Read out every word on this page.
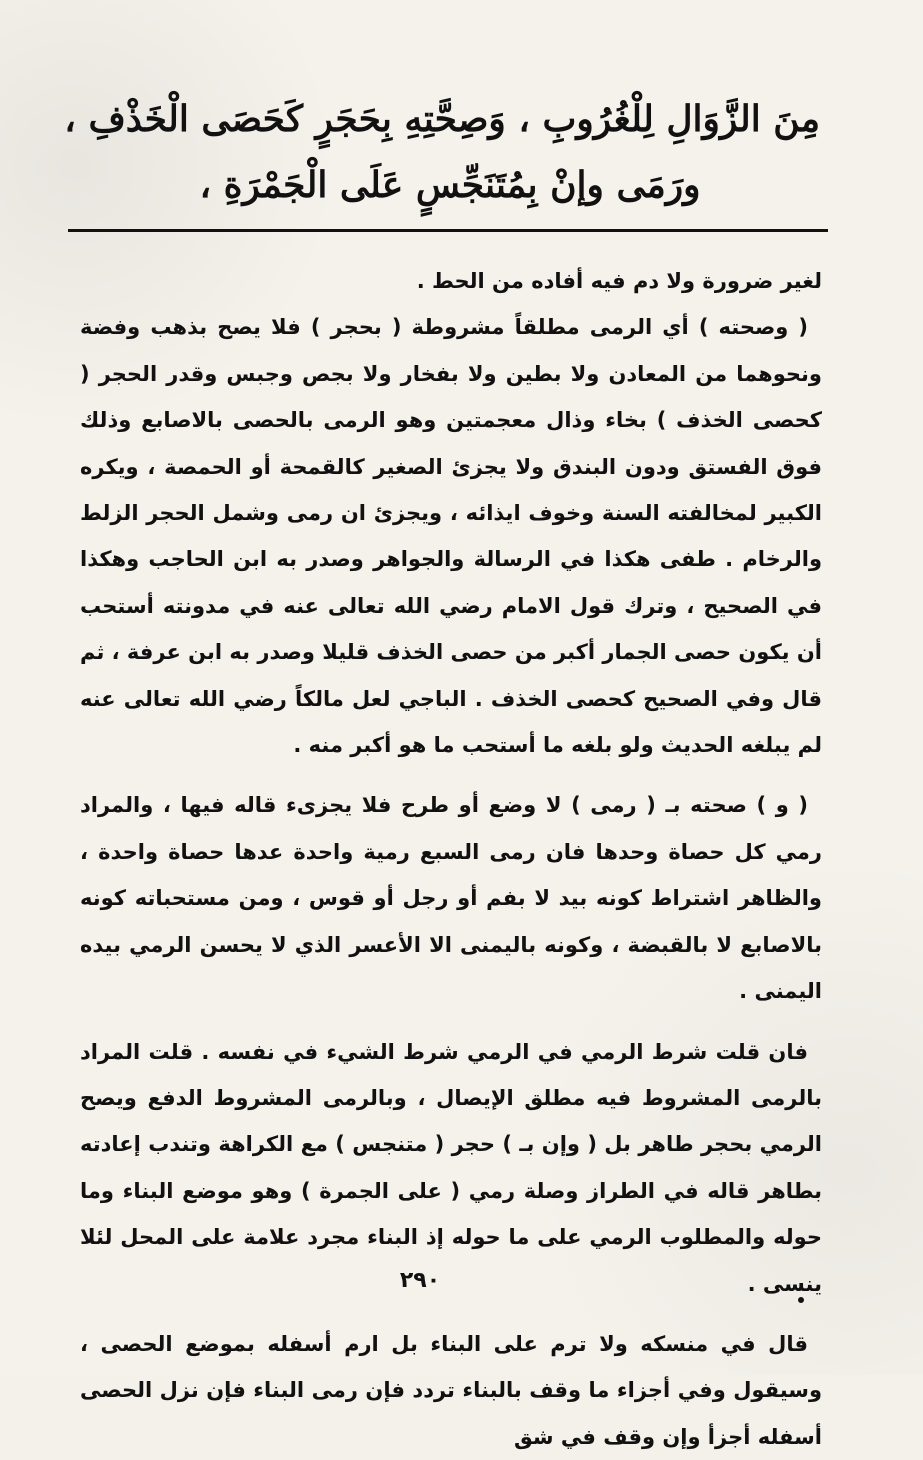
مِنَ الزَّوَالِ لِلْغُرُوبِ ، وَصِحَّتِهِ بِحَجَرٍ كَحَصَى الْخَذْفِ ،
ورَمَى وإنْ بِمُتَنَجِّسٍ عَلَى الْجَمْرَةِ ،

لغير ضرورة ولا دم فيه أفاده من الحط .

( وصحته ) أي الرمى مطلقاً مشروطة ( بحجر ) فلا يصح بذهب وفضة ونحوهما من المعادن ولا بطين ولا بفخار ولا بجص وجبس وقدر الحجر ( كحصى الخذف ) بخاء وذال معجمتين وهو الرمى بالحصى بالاصابع وذلك فوق الفستق ودون البندق ولا يجزئ الصغير كالقمحة أو الحمصة ، ويكره الكبير لمخالفته السنة وخوف ايذائه ، ويجزئ ان رمى وشمل الحجر الزلط والرخام . طفى هكذا في الرسالة والجواهر وصدر به ابن الحاجب وهكذا في الصحيح ، وترك قول الامام رضي الله تعالى عنه في مدونته أستحب أن يكون حصى الجمار أكبر من حصى الخذف قليلا وصدر به ابن عرفة ، ثم قال وفي الصحيح كحصى الخذف . الباجي لعل مالكاً رضي الله تعالى عنه لم يبلغه الحديث ولو بلغه ما أستحب ما هو أكبر منه .

( و ) صحته بـ ( رمى ) لا وضع أو طرح فلا يجزىء قاله فيها ، والمراد رمي كل حصاة وحدها فان رمى السبع رمية واحدة عدها حصاة واحدة ، والظاهر اشتراط كونه بيد لا بفم أو رجل أو قوس ، ومن مستحباته كونه بالاصابع لا بالقبضة ، وكونه باليمنى الا الأعسر الذي لا يحسن الرمي بيده اليمنى .

فان قلت شرط الرمي في الرمي شرط الشيء في نفسه . قلت المراد بالرمى المشروط فيه مطلق الإيصال ، وبالرمى المشروط الدفع ويصح الرمي بحجر طاهر بل ( وإن بـ ) حجر ( متنجس ) مع الكراهة وتندب إعادته بطاهر قاله في الطراز وصلة رمي ( على الجمرة ) وهو موضع البناء وما حوله والمطلوب الرمي على ما حوله إذ البناء مجرد علامة على المحل لئلا ينسى .

قال في منسكه ولا ترم على البناء بل ارم أسفله بموضع الحصى ، وسيقول وفي أجزاء ما وقف بالبناء تردد فإن رمى البناء فإن نزل الحصى أسفله أجزأ وإن وقف في شق

٢٩٠
